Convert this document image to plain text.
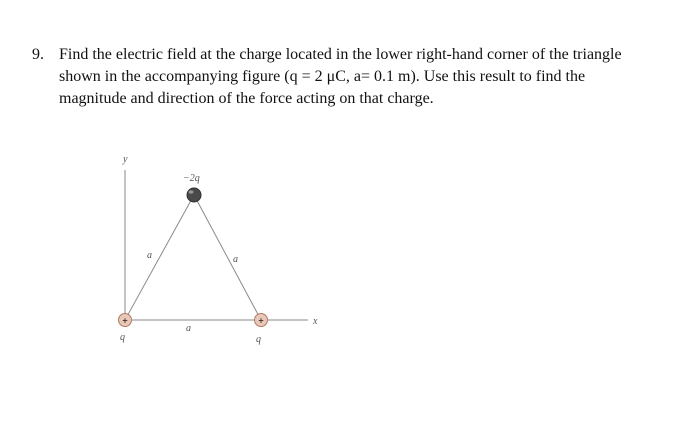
9. Find the electric field at the charge located in the lower right-hand corner of the triangle
shown in the accompanying figure (q = 2 μC, a= 0.1 m). Use this result to find the
magnitude and direction of the force acting on that charge.
y
x
a	a
a
−2q
+
q
+
q
